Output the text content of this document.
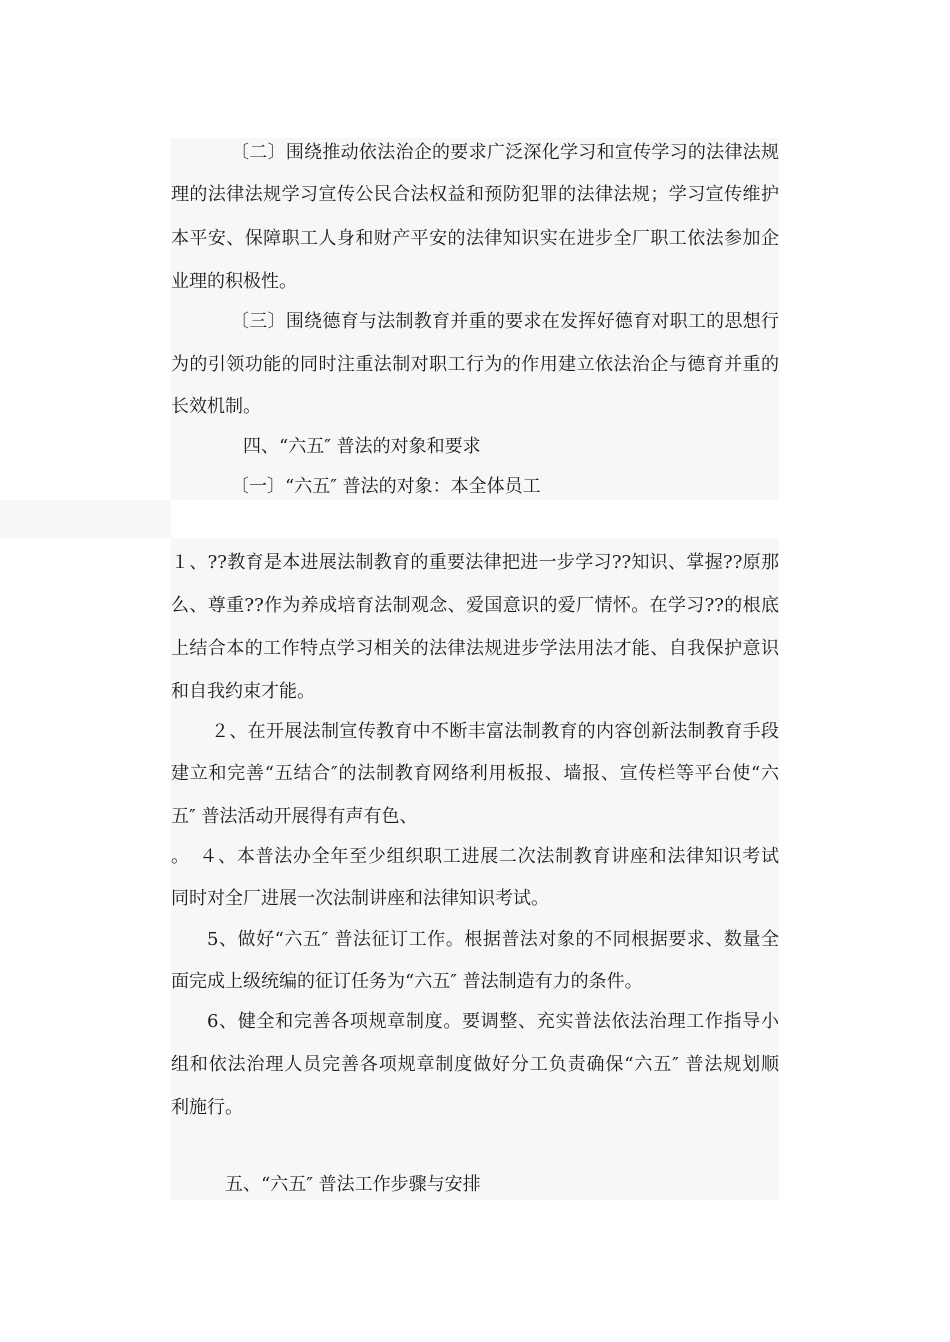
〔二〕围绕推动依法治企的要求广泛深化学习和宣传学习的法律法规
理的法律法规学习宣传公民合法权益和预防犯罪的法律法规；学习宣传维护
本平安、保障职工人身和财产平安的法律知识实在进步全厂职工依法参加企
业理的积极性。
〔三〕围绕德育与法制教育并重的要求在发挥好德育对职工的思想行
为的引领功能的同时注重法制对职工行为的作用建立依法治企与德育并重的
长效机制。
四、“六五″ 普法的对象和要求
〔一〕“六五″ 普法的对象：本全体员工
１、??教育是本进展法制教育的重要法律把进一步学习??知识、掌握??原那
么、尊重??作为养成培育法制观念、爱国意识的爱厂情怀。在学习??的根底
上结合本的工作特点学习相关的法律法规进步学法用法才能、自我保护意识
和自我约束才能。
２、在开展法制宣传教育中不断丰富法制教育的内容创新法制教育手段
建立和完善“五结合″的法制教育网络利用板报、墙报、宣传栏等平台使“六
五″ 普法活动开展得有声有色、
。　４、本普法办全年至少组织职工进展二次法制教育讲座和法律知识考试
同时对全厂进展一次法制讲座和法律知识考试。
5、做好“六五″ 普法征订工作。根据普法对象的不同根据要求、数量全
面完成上级统编的征订任务为“六五″ 普法制造有力的条件。
6、健全和完善各项规章制度。要调整、充实普法依法治理工作指导小
组和依法治理人员完善各项规章制度做好分工负责确保“六五″ 普法规划顺
利施行。
五、“六五″ 普法工作步骤与安排
